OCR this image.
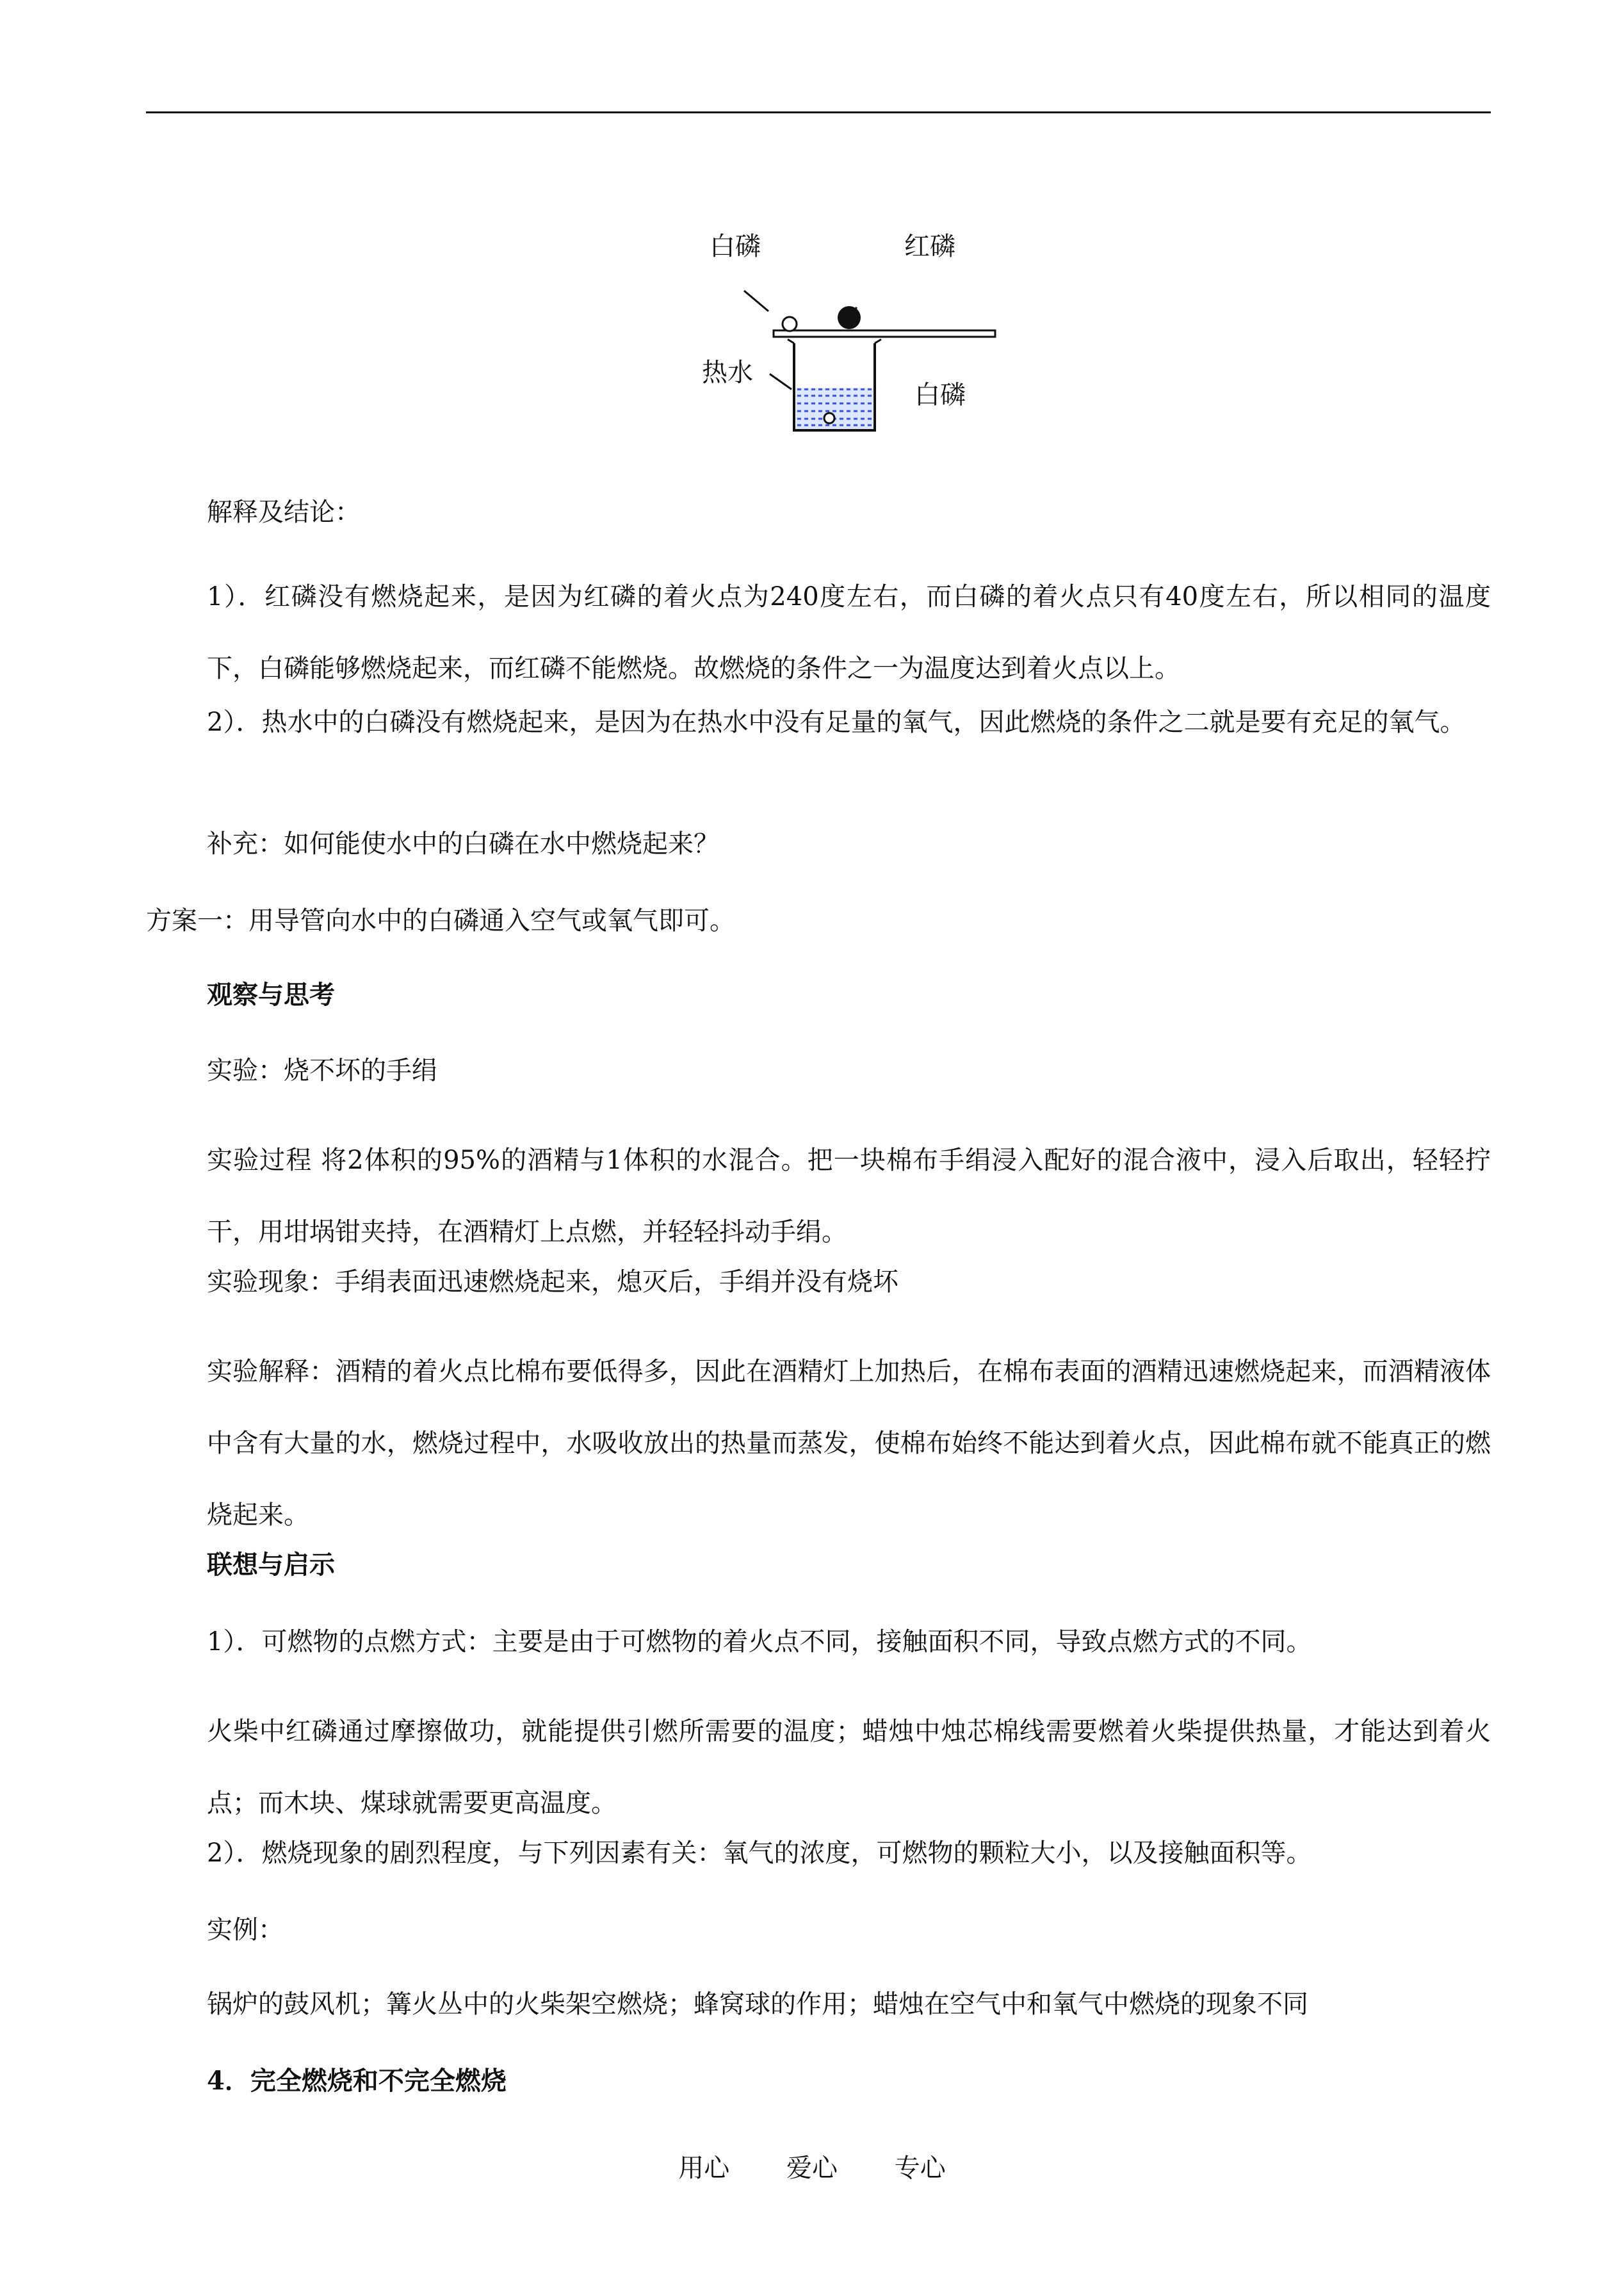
白磷	红磷
热水
白磷
解释及结论：
1）．红磷没有燃烧起来，是因为红磷的着火点为240度左右，而白磷的着火点只有40度左右，所以相同的温度下，白磷能够燃烧起来，而红磷不能燃烧。故燃烧的条件之一为温度达到着火点以上。
2）．热水中的白磷没有燃烧起来，是因为在热水中没有足量的氧气，因此燃烧的条件之二就是要有充足的氧气。
补充：如何能使水中的白磷在水中燃烧起来？
方案一：用导管向水中的白磷通入空气或氧气即可。
观察与思考
实验：烧不坏的手绢
实验过程 将2体积的95%的酒精与1体积的水混合。把一块棉布手绢浸入配好的混合液中，浸入后取出，轻轻拧干，用坩埚钳夹持，在酒精灯上点燃，并轻轻抖动手绢。
实验现象：手绢表面迅速燃烧起来，熄灭后，手绢并没有烧坏
实验解释：酒精的着火点比棉布要低得多，因此在酒精灯上加热后，在棉布表面的酒精迅速燃烧起来，而酒精液体中含有大量的水，燃烧过程中，水吸收放出的热量而蒸发，使棉布始终不能达到着火点，因此棉布就不能真正的燃烧起来。
联想与启示
1）．可燃物的点燃方式：主要是由于可燃物的着火点不同，接触面积不同，导致点燃方式的不同。
火柴中红磷通过摩擦做功，就能提供引燃所需要的温度；蜡烛中烛芯棉线需要燃着火柴提供热量，才能达到着火点；而木块、煤球就需要更高温度。
2）．燃烧现象的剧烈程度，与下列因素有关：氧气的浓度，可燃物的颗粒大小，以及接触面积等。
实例：
锅炉的鼓风机；篝火丛中的火柴架空燃烧；蜂窝球的作用；蜡烛在空气中和氧气中燃烧的现象不同
4．完全燃烧和不完全燃烧
用心 爱心 专心
